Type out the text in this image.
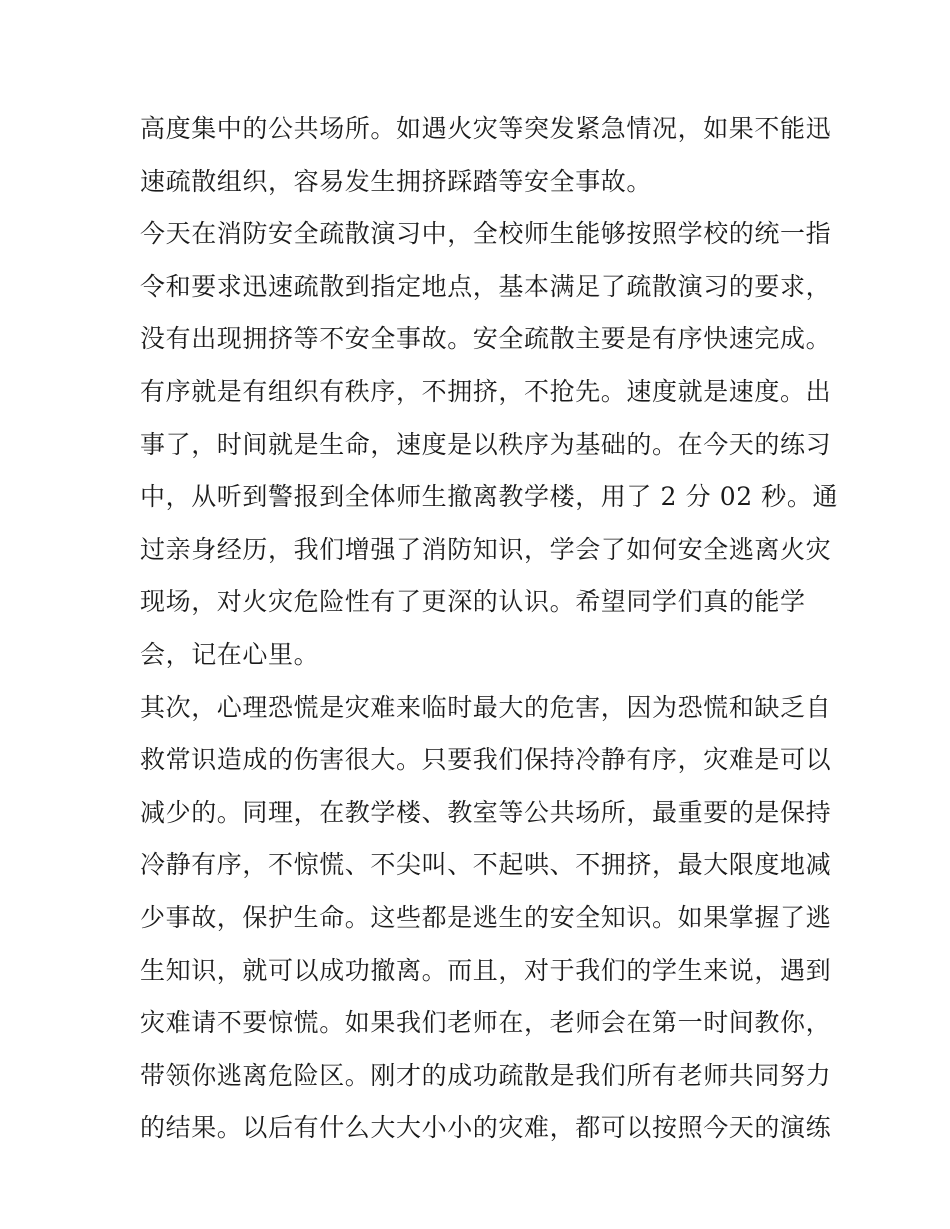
高度集中的公共场所。如遇火灾等突发紧急情况，如果不能迅
速疏散组织，容易发生拥挤踩踏等安全事故。
今天在消防安全疏散演习中，全校师生能够按照学校的统一指
令和要求迅速疏散到指定地点，基本满足了疏散演习的要求，
没有出现拥挤等不安全事故。安全疏散主要是有序快速完成。
有序就是有组织有秩序，不拥挤，不抢先。速度就是速度。出
事了，时间就是生命，速度是以秩序为基础的。在今天的练习
中，从听到警报到全体师生撤离教学楼，用了 2 分 02 秒。通
过亲身经历，我们增强了消防知识，学会了如何安全逃离火灾
现场，对火灾危险性有了更深的认识。希望同学们真的能学
会，记在心里。
其次，心理恐慌是灾难来临时最大的危害，因为恐慌和缺乏自
救常识造成的伤害很大。只要我们保持冷静有序，灾难是可以
减少的。同理，在教学楼、教室等公共场所，最重要的是保持
冷静有序，不惊慌、不尖叫、不起哄、不拥挤，最大限度地减
少事故，保护生命。这些都是逃生的安全知识。如果掌握了逃
生知识，就可以成功撤离。而且，对于我们的学生来说，遇到
灾难请不要惊慌。如果我们老师在，老师会在第一时间教你，
带领你逃离危险区。刚才的成功疏散是我们所有老师共同努力
的结果。以后有什么大大小小的灾难，都可以按照今天的演练
